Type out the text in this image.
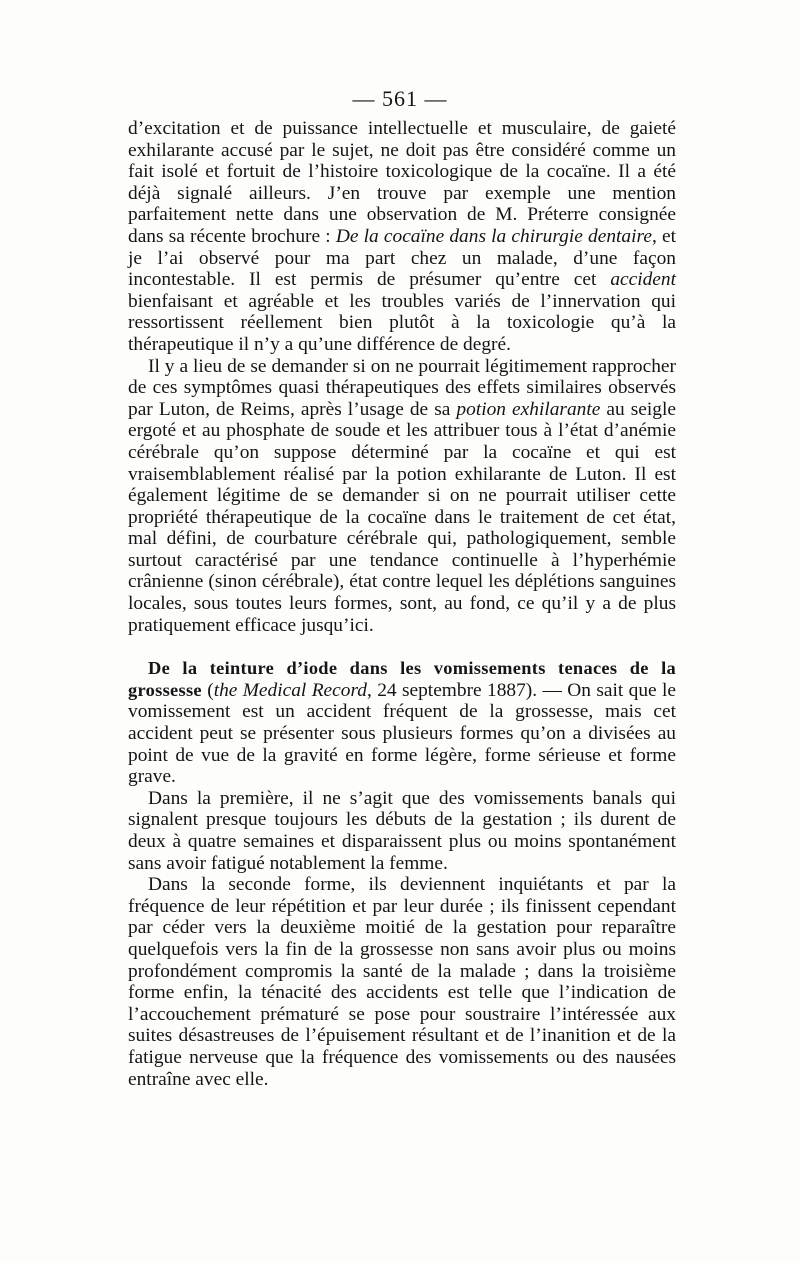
— 561 —

d’excitation et de puissance intellectuelle et musculaire, de gaieté exhilarante accusé par le sujet, ne doit pas être considéré comme un fait isolé et fortuit de l’histoire toxicologique de la cocaïne. Il a été déjà signalé ailleurs. J’en trouve par exemple une mention parfaitement nette dans une observation de M. Préterre consignée dans sa récente brochure : De la cocaïne dans la chirurgie dentaire, et je l’ai observé pour ma part chez un malade, d’une façon incontestable. Il est permis de présumer qu’entre cet accident bienfaisant et agréable et les troubles variés de l’innervation qui ressortissent réellement bien plutôt à la toxicologie qu’à la thérapeutique il n’y a qu’une différence de degré.

Il y a lieu de se demander si on ne pourrait légitimement rapprocher de ces symptômes quasi thérapeutiques des effets similaires observés par Luton, de Reims, après l’usage de sa potion exhilarante au seigle ergoté et au phosphate de soude et les attribuer tous à l’état d’anémie cérébrale qu’on suppose déterminé par la cocaïne et qui est vraisemblablement réalisé par la potion exhilarante de Luton. Il est également légitime de se demander si on ne pourrait utiliser cette propriété thérapeutique de la cocaïne dans le traitement de cet état, mal défini, de courbature cérébrale qui, pathologiquement, semble surtout caractérisé par une tendance continuelle à l’hyperhémie crânienne (sinon cérébrale), état contre lequel les déplétions sanguines locales, sous toutes leurs formes, sont, au fond, ce qu’il y a de plus pratiquement efficace jusqu’ici.

De la teinture d’iode dans les vomissements tenaces de la grossesse (the Medical Record, 24 septembre 1887). — On sait que le vomissement est un accident fréquent de la grossesse, mais cet accident peut se présenter sous plusieurs formes qu’on a divisées au point de vue de la gravité en forme légère, forme sérieuse et forme grave.

Dans la première, il ne s’agit que des vomissements banals qui signalent presque toujours les débuts de la gestation ; ils durent de deux à quatre semaines et disparaissent plus ou moins spontanément sans avoir fatigué notablement la femme.

Dans la seconde forme, ils deviennent inquiétants et par la fréquence de leur répétition et par leur durée ; ils finissent cependant par céder vers la deuxième moitié de la gestation pour reparaître quelquefois vers la fin de la grossesse non sans avoir plus ou moins profondément compromis la santé de la malade ; dans la troisième forme enfin, la ténacité des accidents est telle que l’indication de l’accouchement prématuré se pose pour soustraire l’intéressée aux suites désastreuses de l’épuisement résultant et de l’inanition et de la fatigue nerveuse que la fréquence des vomissements ou des nausées entraîne avec elle.
